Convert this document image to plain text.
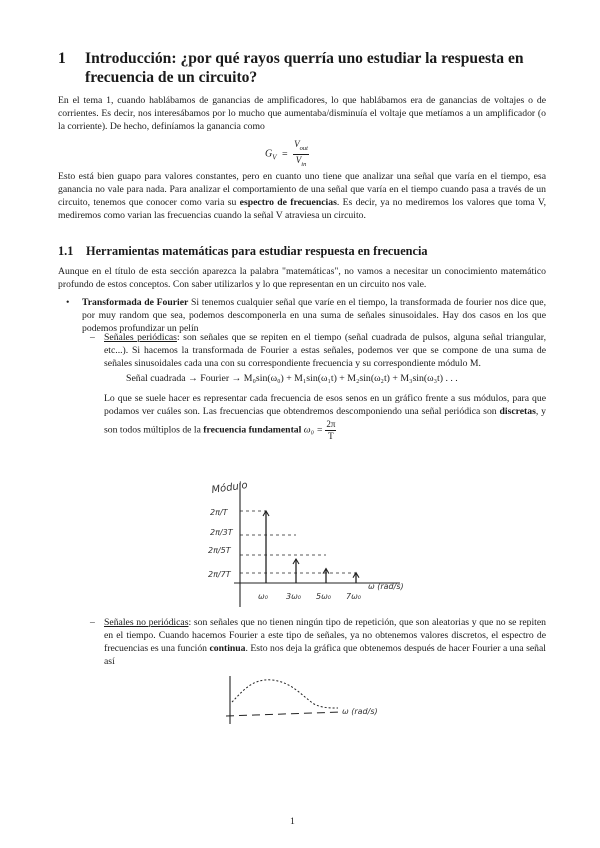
1 Introducción: ¿por qué rayos querría uno estudiar la respuesta en frecuencia de un circuito?
En el tema 1, cuando hablábamos de ganancias de amplificadores, lo que hablábamos era de ganancias de voltajes o de corrientes. Es decir, nos interesábamos por lo mucho que aumentaba/disminuía el voltaje que metíamos a un amplificador (o la corriente). De hecho, definíamos la ganancia como
$G_V = \frac{V_{out}}{V_{in}}$
Esto está bien guapo para valores constantes, pero en cuanto uno tiene que analizar una señal que varía en el tiempo, esa ganancia no vale para nada. Para analizar el comportamiento de una señal que varía en el tiempo cuando pasa a través de un circuito, tenemos que conocer como varia su espectro de frecuencias. Es decir, ya no mediremos los valores que toma V, mediremos como varian las frecuencias cuando la señal V atraviesa un circuito.
1.1 Herramientas matemáticas para estudiar respuesta en frecuencia
Aunque en el título de esta sección aparezca la palabra "matemáticas", no vamos a necesitar un conocimiento matemático profundo de estos conceptos. Con saber utilizarlos y lo que representan en un circuito nos vale.
• Transformada de Fourier Si tenemos cualquier señal que varíe en el tiempo, la transformada de fourier nos dice que, por muy random que sea, podemos descomponerla en una suma de señales sinusoidales. Hay dos casos en los que podemos profundizar un pelín
– Señales periódicas: son señales que se repiten en el tiempo (señal cuadrada de pulsos, alguna señal triangular, etc...). Si hacemos la transformada de Fourier a estas señales, podemos ver que se compone de una suma de señales sinusoidales cada una con su correspondiente frecuencia y su correspondiente módulo M.
Señal cuadrada → Fourier → M₀sin(ω₀) + M₁sin(ω₁t) + M₂sin(ω₂t) + M₃sin(ω₃t) . . .
Lo que se suele hacer es representar cada frecuencia de esos senos en un gráfico frente a sus módulos, para que podamos ver cuáles son. Las frecuencias que obtendremos descomponiendo una señal periódica son discretas, y son todos múltiplos de la frecuencia fundamental $\omega_0 = \frac{2\pi}{T}$
Módulo
2π/T
2π/3T
2π/5T
2π/7T
ω₀ 3ω₀ 5ω₀ 7ω₀
ω (rad/s)
– Señales no periódicas: son señales que no tienen ningún tipo de repetición, que son aleatorias y que no se repiten en el tiempo. Cuando hacemos Fourier a este tipo de señales, ya no obtenemos valores discretos, el espectro de frecuencias es una función continua. Esto nos deja la gráfica que obtenemos después de hacer Fourier a una señal así
ω (rad/s)
1
